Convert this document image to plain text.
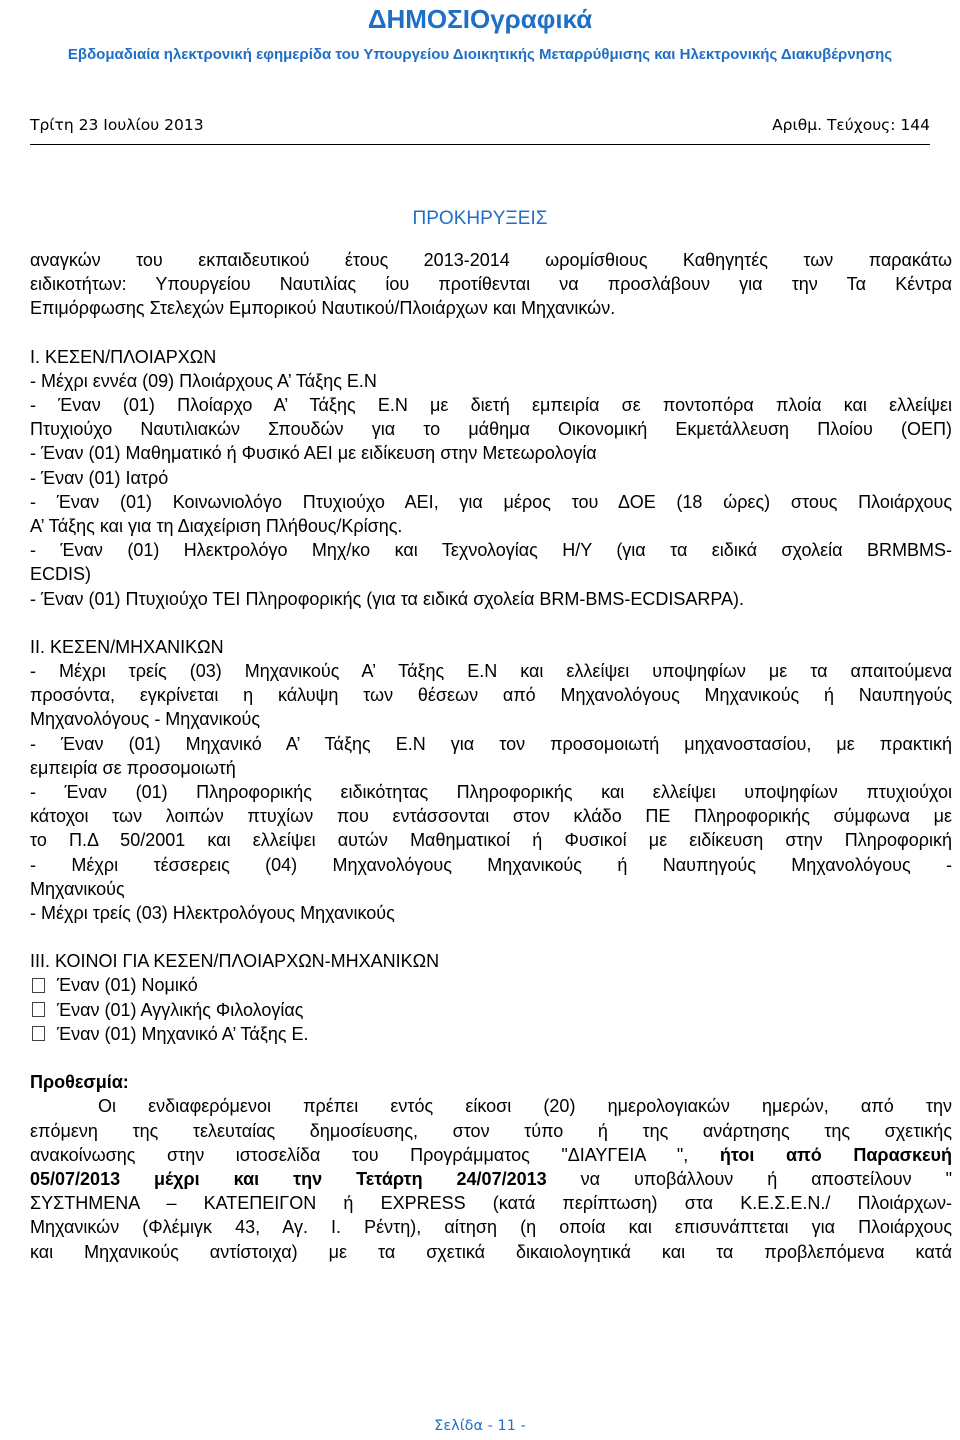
ΔΗΜΟΣΙΟγραφικά
Εβδομαδιαία ηλεκτρονική εφημερίδα του Υπουργείου Διοικητικής Μεταρρύθμισης και Ηλεκτρονικής Διακυβέρνησης
Τρίτη 23 Ιουλίου 2013	Αριθμ. Τεύχους: 144
ΠΡΟΚΗΡΥΞΕΙΣ

αναγκών του εκπαιδευτικού έτους 2013-2014 ωρομίσθιους Καθηγητές των παρακάτω

ειδικοτήτων: Υπουργείου Ναυτιλίας ίου προτίθενται να προσλάβουν για την Τα Κέντρα

Επιμόρφωσης Στελεχών Εμπορικού Ναυτικού/Πλοιάρχων και Μηχανικών.

Ι. ΚΕΣΕΝ/ΠΛΟΙΑΡΧΩΝ

- Μέχρι εννέα (09) Πλοιάρχους Α’ Τάξης Ε.Ν

- Έναν (01) Πλοίαρχο Α’ Τάξης Ε.Ν με διετή εμπειρία σε ποντοπόρα πλοία και ελλείψει

Πτυχιούχο Ναυτιλιακών Σπουδών για το μάθημα Οικονομική Εκμετάλλευση Πλοίου (ΟΕΠ)

- Έναν (01) Μαθηματικό ή Φυσικό ΑΕΙ με ειδίκευση στην Μετεωρολογία

- Έναν (01) Ιατρό

- Έναν (01) Κοινωνιολόγο Πτυχιούχο ΑΕΙ, για μέρος του ΔΟΕ (18 ώρες) στους Πλοιάρχους

Α’ Τάξης και για τη Διαχείριση Πλήθους/Κρίσης.

- Έναν (01) Ηλεκτρολόγο Μηχ/κο και Τεχνολογίας Η/Υ (για τα ειδικά σχολεία BRMBMS-

ECDIS)

- Έναν (01) Πτυχιούχο ΤΕΙ Πληροφορικής (για τα ειδικά σχολεία BRM-BMS-ECDISARPA).

ΙΙ. ΚΕΣΕΝ/ΜΗΧΑΝΙΚΩΝ

- Μέχρι τρείς (03) Μηχανικούς Α’ Τάξης Ε.Ν και ελλείψει υποψηφίων με τα απαιτούμενα

προσόντα, εγκρίνεται η κάλυψη των θέσεων από Μηχανολόγους Μηχανικούς ή Ναυπηγούς

Μηχανολόγους - Μηχανικούς

- Έναν (01) Μηχανικό Α’ Τάξης Ε.Ν για τον προσομοιωτή μηχανοστασίου, με πρακτική

εμπειρία σε προσομοιωτή

- Έναν (01) Πληροφορικής ειδικότητας Πληροφορικής και ελλείψει υποψηφίων πτυχιούχοι

κάτοχοι των λοιπών πτυχίων που εντάσσονται στον κλάδο ΠΕ Πληροφορικής σύμφωνα με

το Π.Δ 50/2001 και ελλείψει αυτών Μαθηματικοί ή Φυσικοί με ειδίκευση στην Πληροφορική

- Μέχρι τέσσερεις (04) Μηχανολόγους Μηχανικούς ή Ναυπηγούς Μηχανολόγους -

Μηχανικούς

- Μέχρι τρείς (03) Ηλεκτρολόγους Μηχανικούς

ΙΙΙ. ΚΟΙΝΟΙ ΓΙΑ ΚΕΣΕΝ/ΠΛΟΙΑΡΧΩΝ-ΜΗΧΑΝΙΚΩΝ

Έναν (01) Νομικό
Έναν (01) Αγγλικής Φιλολογίας
Έναν (01) Μηχανικό Α’ Τάξης Ε.

Προθεσμία:

Οι ενδιαφερόμενοι πρέπει εντός είκοσι (20) ημερολογιακών ημερών, από την

επόμενη της τελευταίας δημοσίευσης, στον τύπο ή της ανάρτησης της σχετικής

ανακοίνωσης στην ιστοσελίδα του Προγράμματος "ΔΙΑΥΓΕΙΑ ", ήτοι από Παρασκευή

05/07/2013 μέχρι και την Τετάρτη 24/07/2013 να υποβάλλουν ή αποστείλουν "

ΣΥΣΤΗΜΕΝΑ – ΚΑΤΕΠΕΙΓΟΝ ή EXPRESS (κατά περίπτωση) στα Κ.Ε.Σ.Ε.Ν./ Πλοιάρχων-

Μηχανικών (Φλέμιγκ 43, Αγ. Ι. Ρέντη), αίτηση (η οποία και επισυνάπτεται για Πλοιάρχους

και Μηχανικούς αντίστοιχα) με τα σχετικά δικαιολογητικά και τα προβλεπόμενα κατά

Σελίδα - 11 -
